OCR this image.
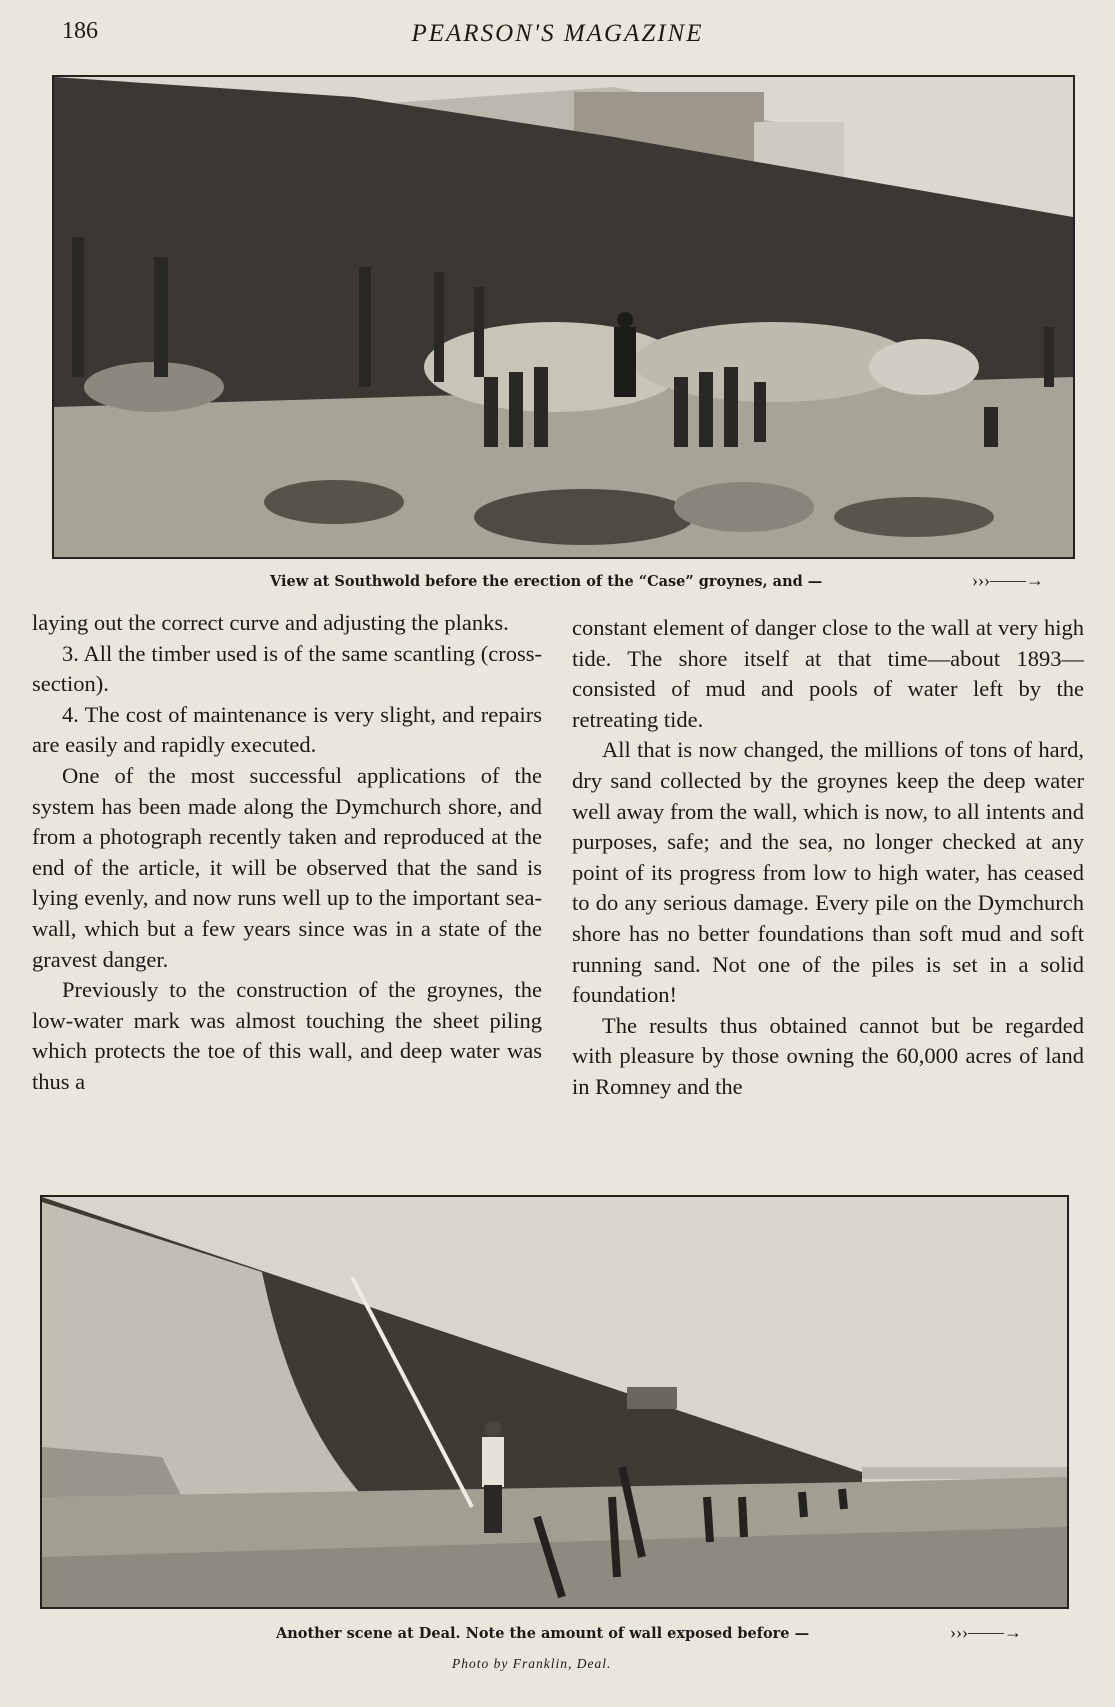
186	PEARSON'S MAGAZINE
View at Southwold before the erection of the “Case” groynes, and —	›››——→

laying out the correct curve and adjusting the planks.

3. All the timber used is of the same scantling (cross-section).

4. The cost of maintenance is very slight, and repairs are easily and rapidly executed.

One of the most successful applications of the system has been made along the Dymchurch shore, and from a photograph recently taken and reproduced at the end of the article, it will be observed that the sand is lying evenly, and now runs well up to the important sea-wall, which but a few years since was in a state of the gravest danger.

Previously to the construction of the groynes, the low-water mark was almost touching the sheet piling which protects the toe of this wall, and deep water was thus a

constant element of danger close to the wall at very high tide. The shore itself at that time—about 1893—consisted of mud and pools of water left by the retreating tide.

All that is now changed, the millions of tons of hard, dry sand collected by the groynes keep the deep water well away from the wall, which is now, to all intents and purposes, safe; and the sea, no longer checked at any point of its progress from low to high water, has ceased to do any serious damage. Every pile on the Dymchurch shore has no better foundations than soft mud and soft running sand. Not one of the piles is set in a solid foundation!

The results thus obtained cannot but be regarded with pleasure by those owning the 60,000 acres of land in Romney and the

Another scene at Deal. Note the amount of wall exposed before —	›››——→
Photo by Franklin, Deal.
